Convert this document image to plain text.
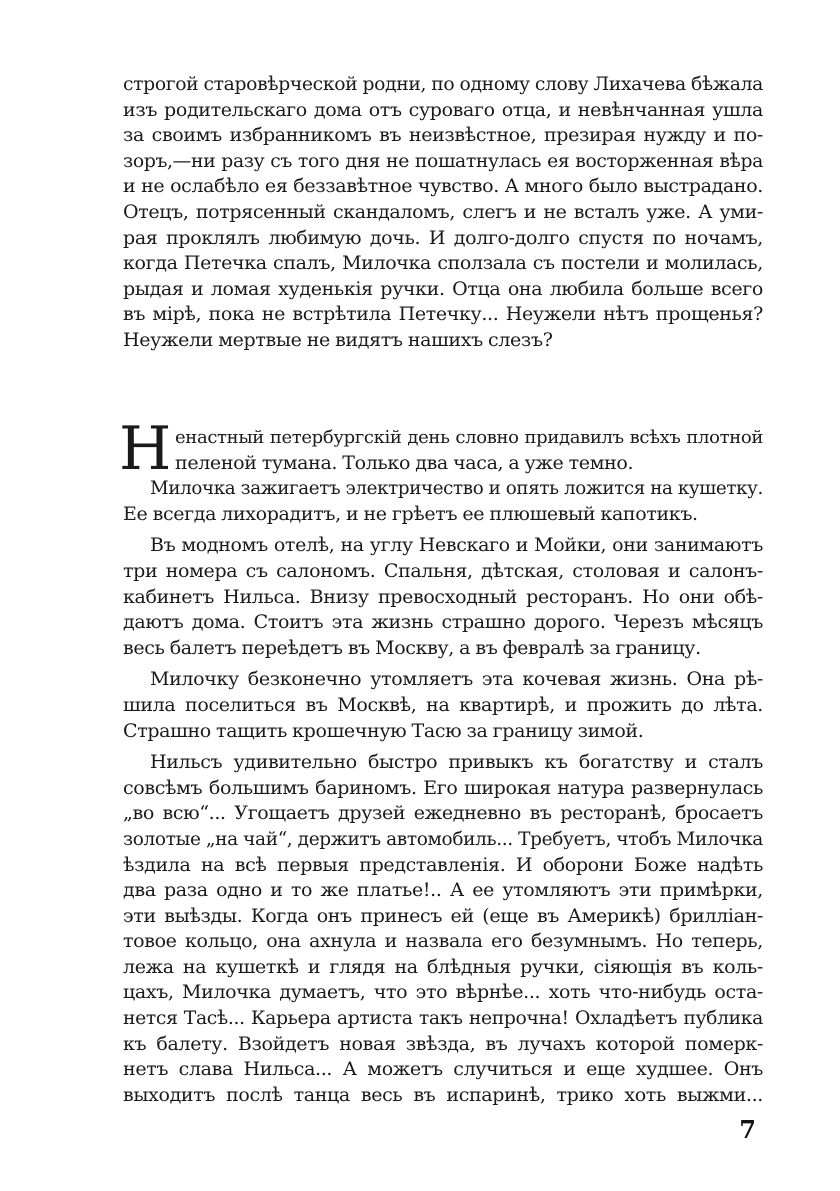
строгой старовѣрческой родни, по одному слову Лихачева бѣжала
изъ родительскаго дома отъ суроваго отца, и невѣнчанная ушла
за своимъ избранникомъ въ неизвѣстное, презирая нужду и по-
зоръ,—ни разу съ того дня не пошатнулась ея восторженная вѣра
и не ослабѣло ея беззавѣтное чувство. А много было выстрадано.
Отецъ, потрясенный скандаломъ, слегъ и не всталъ уже. А уми-
рая проклялъ любимую дочь. И долго-долго спустя по ночамъ,
когда Петечка спалъ, Милочка сползала съ постели и молилась,
рыдая и ломая худенькія ручки. Отца она любила больше всего
въ мірѣ, пока не встрѣтила Петечку... Неужели нѣтъ прощенья?
Неужели мертвые не видятъ нашихъ слезъ?
Н енастный петербургскій день словно придавилъ всѣхъ плотной
пеленой тумана. Только два часа, а уже темно.
Милочка зажигаетъ электричество и опять ложится на кушетку.
Ее всегда лихорадитъ, и не грѣетъ ее плюшевый капотикъ.
Въ модномъ отелѣ, на углу Невскаго и Мойки, они занимаютъ
три номера съ салономъ. Спальня, дѣтская, столовая и салонъ-
кабинетъ Нильса. Внизу превосходный ресторанъ. Но они обѣ-
даютъ дома. Стоитъ эта жизнь страшно дорого. Черезъ мѣсяцъ
весь балетъ переѣдетъ въ Москву, а въ февралѣ за границу.
Милочку безконечно утомляетъ эта кочевая жизнь. Она рѣ-
шила поселиться въ Москвѣ, на квартирѣ, и прожить до лѣта.
Страшно тащить крошечную Тасю за границу зимой.
Нильсъ удивительно быстро привыкъ къ богатству и сталъ
совсѣмъ большимъ бариномъ. Его широкая натура развернулась
„во всю“... Угощаетъ друзей ежедневно въ ресторанѣ, бросаетъ
золотые „на чай“, держитъ автомобиль... Требуетъ, чтобъ Милочка
ѣздила на всѣ первыя представленія. И оборони Боже надѣть
два раза одно и то же платье!.. А ее утомляютъ эти примѣрки,
эти выѣзды. Когда онъ принесъ ей (еще въ Америкѣ) брилліан-
товое кольцо, она ахнула и назвала его безумнымъ. Но теперь,
лежа на кушеткѣ и глядя на блѣдныя ручки, сіяющія въ коль-
цахъ, Милочка думаетъ, что это вѣрнѣе... хоть что-нибудь оста-
нется Тасѣ... Карьера артиста такъ непрочна! Охладѣетъ публика
къ балету. Взойдетъ новая звѣзда, въ лучахъ которой померк-
нетъ слава Нильса... А можетъ случиться и еще худшее. Онъ
выходитъ послѣ танца весь въ испаринѣ, трико хоть выжми...
7
